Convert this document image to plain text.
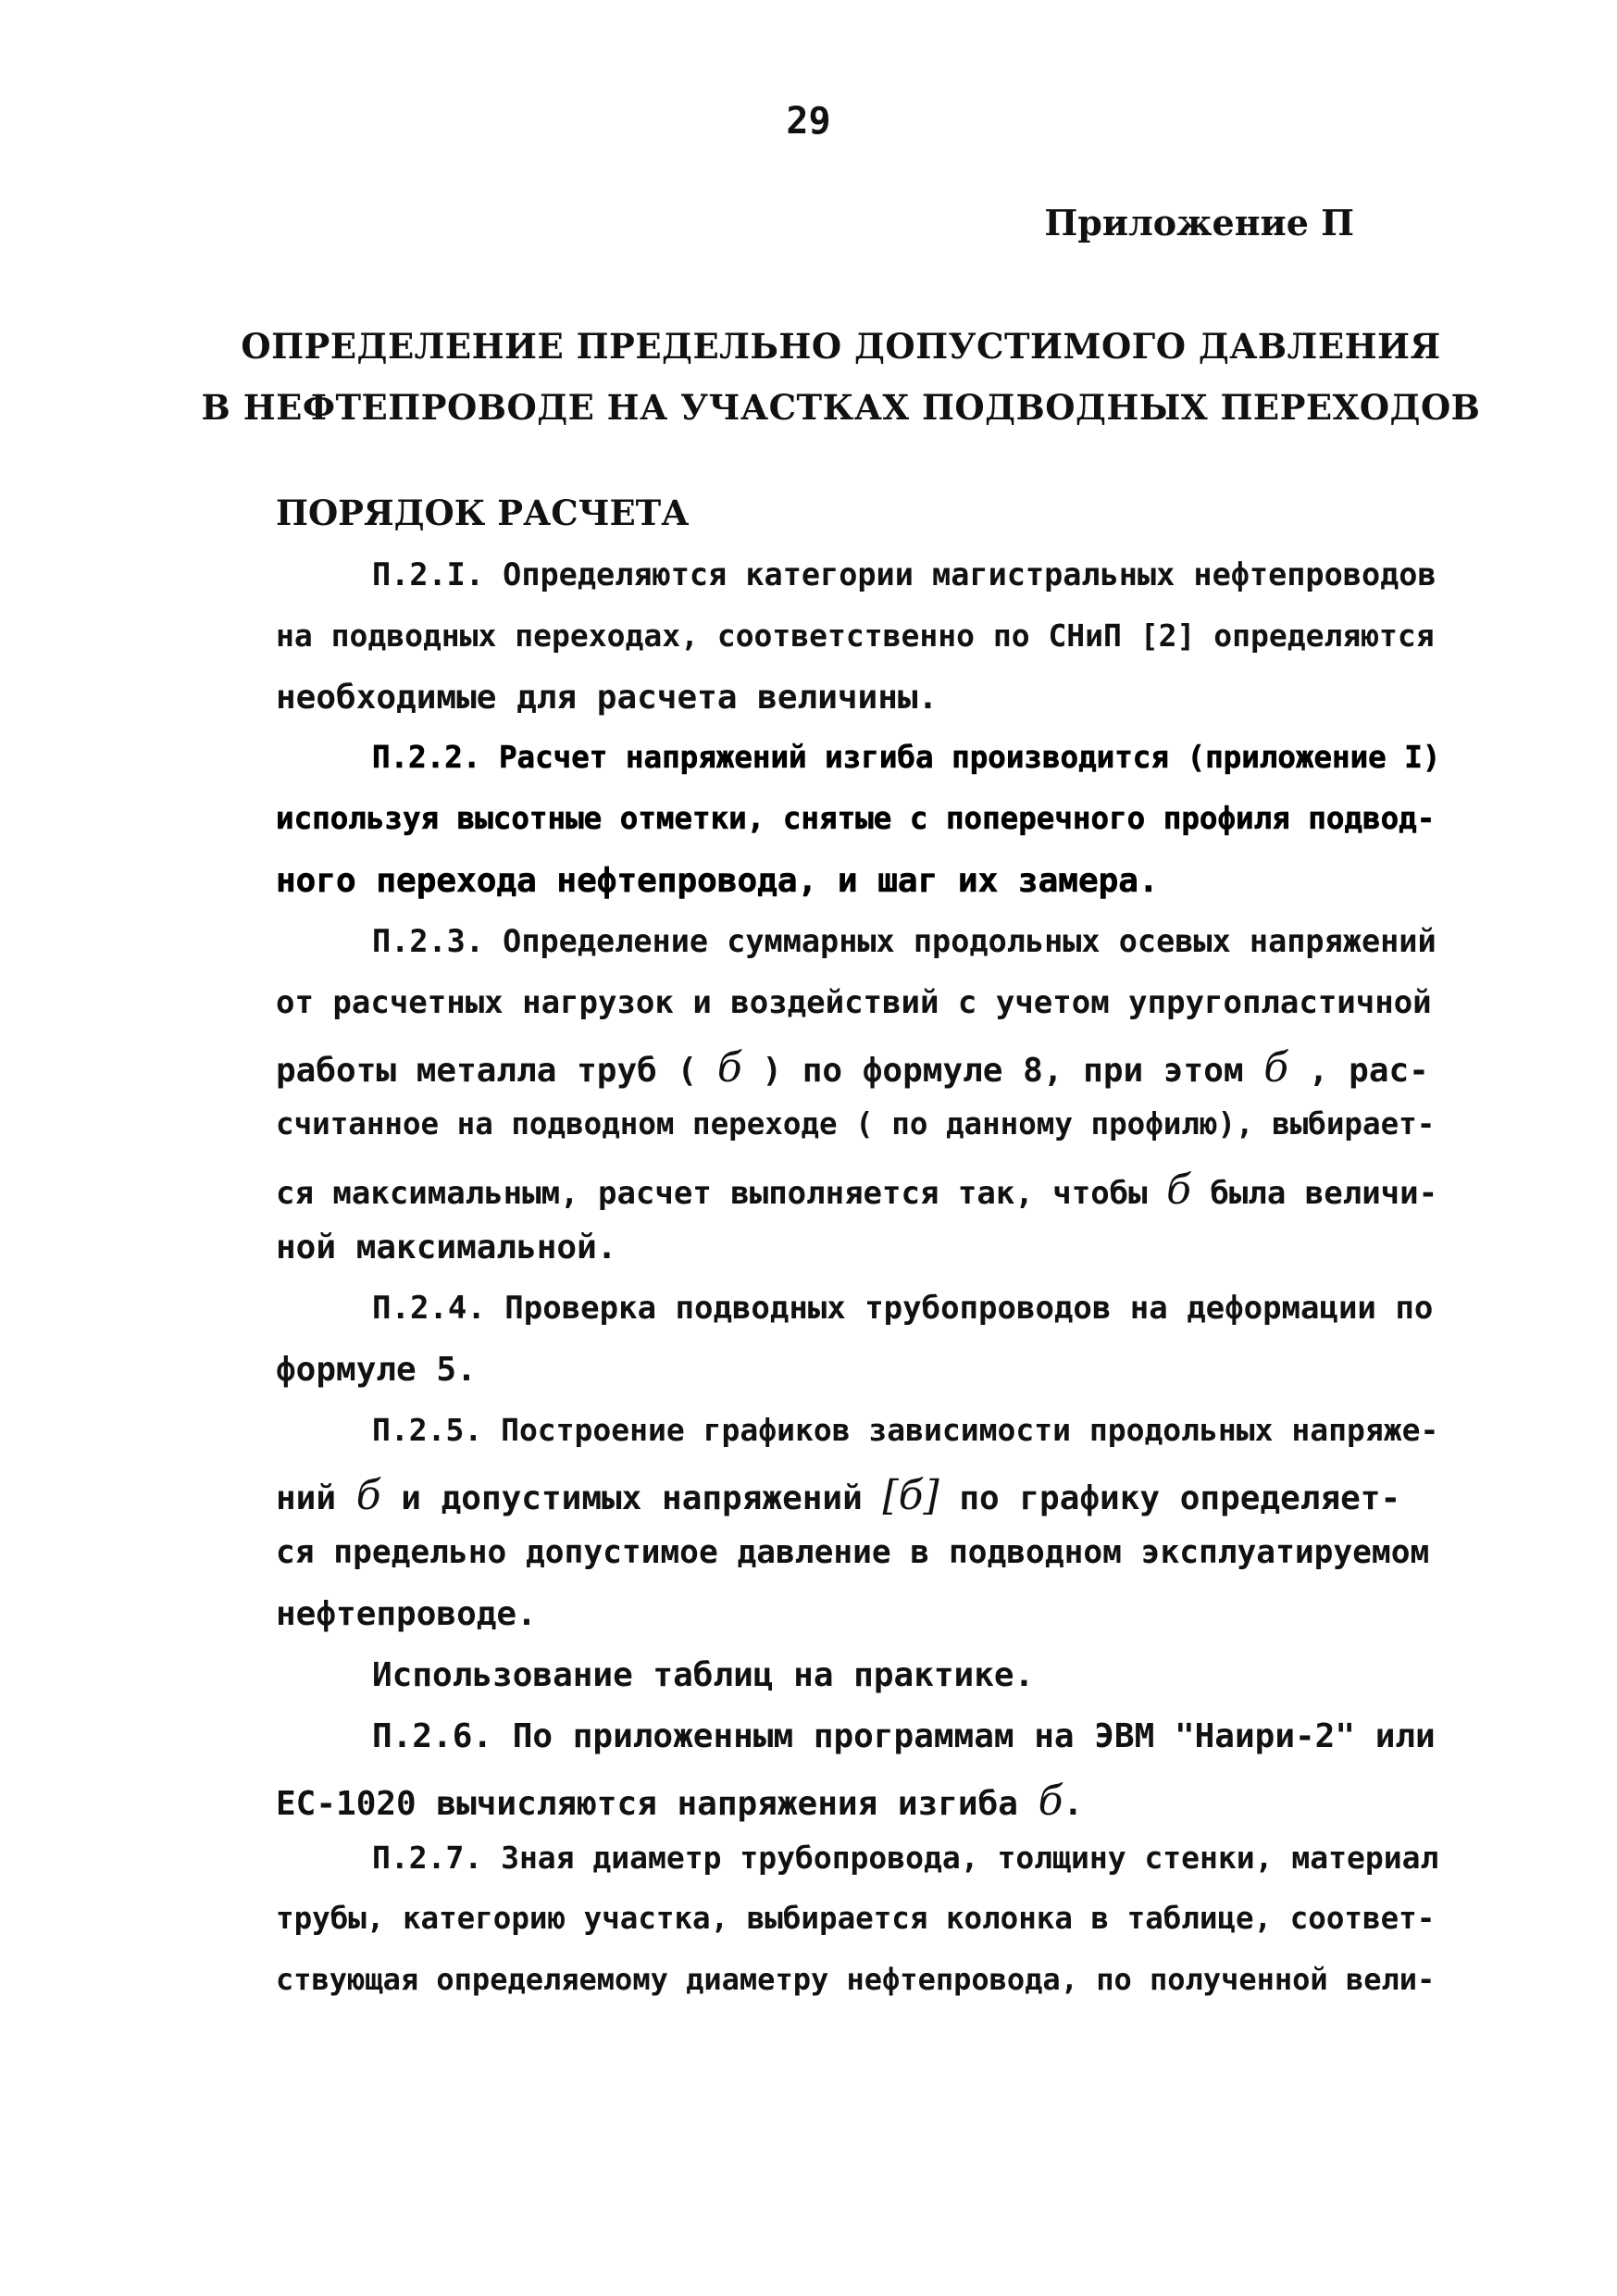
29
Приложение П
ОПРЕДЕЛЕНИЕ ПРЕДЕЛЬНО ДОПУСТИМОГО ДАВЛЕНИЯ
В НЕФТЕПРОВОДЕ НА УЧАСТКАХ ПОДВОДНЫХ ПЕРЕХОДОВ
ПОРЯДОК РАСЧЕТА
П.2.I. Определяются категории магистральных нефтепроводов
на подводных переходах, соответственно по СНиП [2] определяются
необходимые для расчета величины.
П.2.2. Расчет напряжений изгиба производится (приложение I)
используя высотные отметки, снятые с поперечного профиля подвод-
ного перехода нефтепровода, и шаг их замера.
П.2.3. Определение суммарных продольных осевых напряжений
от расчетных нагрузок и воздействий с учетом упругопластичной
работы металла труб ( б ) по формуле 8, при этом б , рас-
считанное на подводном переходе ( по данному профилю), выбирает-
ся максимальным, расчет выполняется так, чтобы б была величи-
ной максимальной.
П.2.4. Проверка подводных трубопроводов на деформации по
формуле 5.
П.2.5. Построение графиков зависимости продольных напряже-
ний б и допустимых напряжений [б] по графику определяет-
ся предельно допустимое давление в подводном эксплуатируемом
нефтепроводе.
Использование таблиц на практике.
П.2.6. По приложенным программам на ЭВМ "Наири-2" или
ЕС-1020 вычисляются напряжения изгиба б.
П.2.7. Зная диаметр трубопровода, толщину стенки, материал
трубы, категорию участка, выбирается колонка в таблице, соответ-
ствующая определяемому диаметру нефтепровода, по полученной вели-
